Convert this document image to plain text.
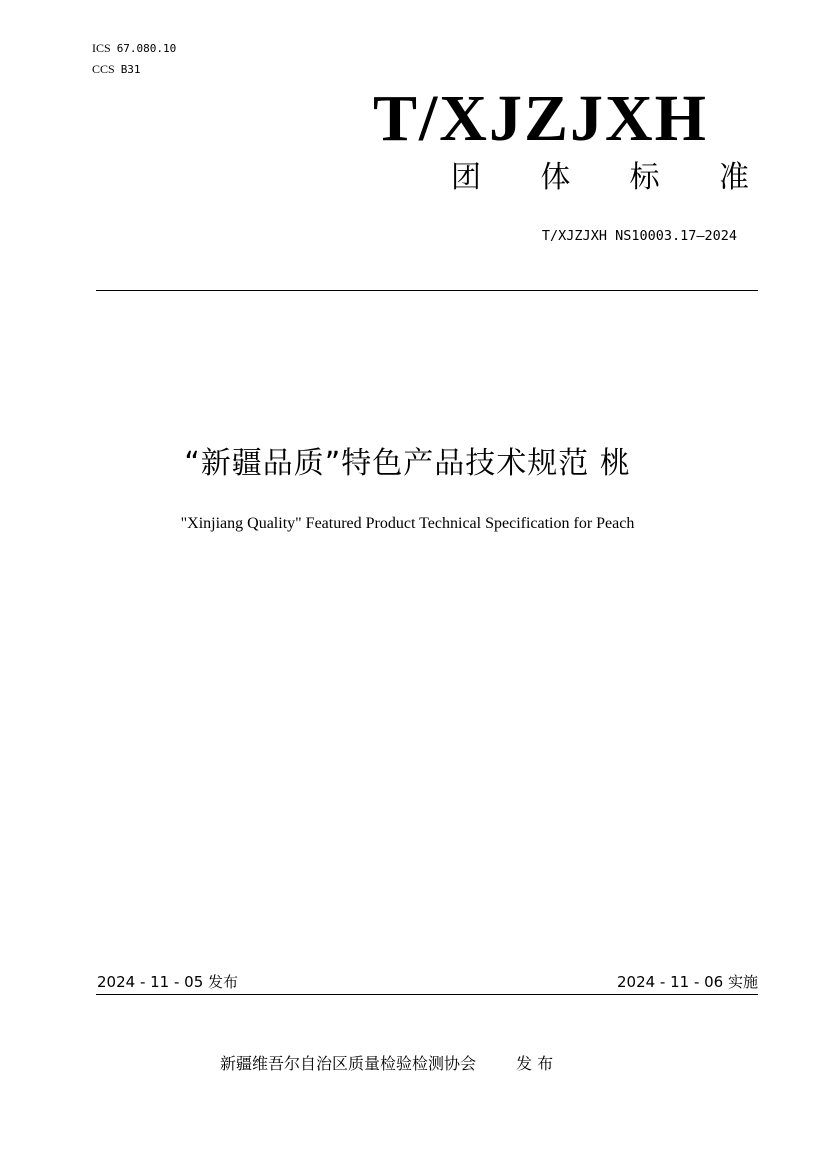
ICS 67.080.10
CCS B31
T/XJZJXH
团 体 标 准
T/XJZJXH NS10003.17—2024
“新疆品质”特色产品技术规范 桃
"Xinjiang Quality" Featured Product Technical Specification for Peach
2024 - 11 - 05 发布	2024 - 11 - 06 实施
新疆维吾尔自治区质量检验检测协会	发 布
